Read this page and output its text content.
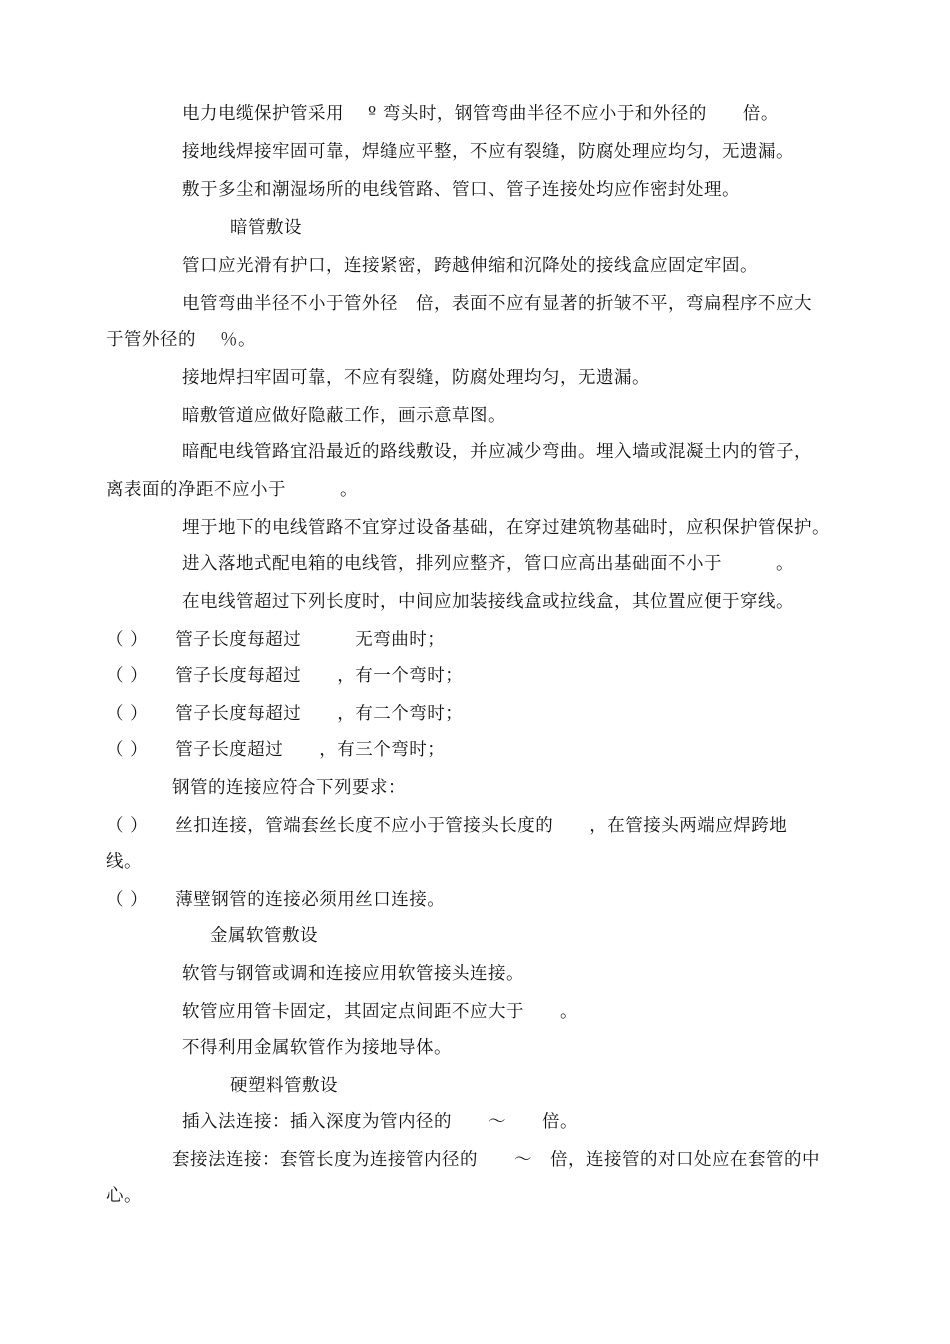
电力电缆保护管采用　 º 弯头时，钢管弯曲半径不应小于和外径的　　倍。
接地线焊接牢固可靠，焊缝应平整，不应有裂缝，防腐处理应均匀，无遗漏。
敷于多尘和潮湿场所的电线管路、管口、管子连接处均应作密封处理。
暗管敷设
管口应光滑有护口，连接紧密，跨越伸缩和沉降处的接线盒应固定牢固。
电管弯曲半径不小于管外径　倍，表面不应有显著的折皱不平，弯扁程序不应大
于管外径的　 ％。
接地焊扫牢固可靠，不应有裂缝，防腐处理均匀，无遗漏。
暗敷管道应做好隐蔽工作，画示意草图。
暗配电线管路宜沿最近的路线敷设，并应减少弯曲。埋入墙或混凝土内的管子，
离表面的净距不应小于　　　。
埋于地下的电线管路不宜穿过设备基础，在穿过建筑物基础时，应积保护管保护。
进入落地式配电箱的电线管，排列应整齐，管口应高出基础面不小于　　　。
在电线管超过下列长度时，中间应加装接线盒或拉线盒，其位置应便于穿线。
（ ）　　管子长度每超过　　　无弯曲时；
（ ）　　管子长度每超过　　，有一个弯时；
（ ）　　管子长度每超过　　，有二个弯时；
（ ）　　管子长度超过　　，有三个弯时；
钢管的连接应符合下列要求：
（ ）　　丝扣连接，管端套丝长度不应小于管接头长度的　　，在管接头两端应焊跨地
线。
（ ）　　薄壁钢管的连接必须用丝口连接。
金属软管敷设
软管与钢管或调和连接应用软管接头连接。
软管应用管卡固定，其固定点间距不应大于　　。
不得利用金属软管作为接地导体。
硬塑料管敷设
插入法连接：插入深度为管内径的　　～　　倍。
套接法连接：套管长度为连接管内径的　　～　倍，连接管的对口处应在套管的中
心。
